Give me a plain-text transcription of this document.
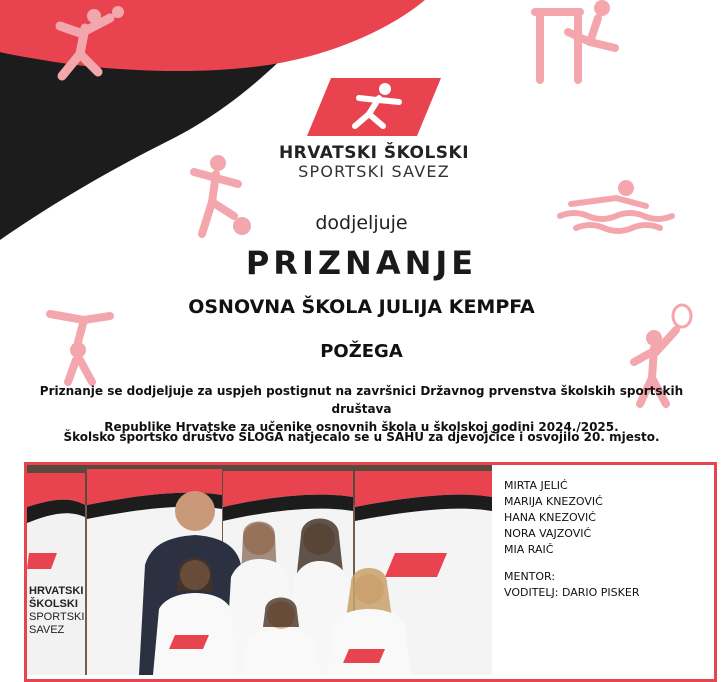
HRVATSKI ŠKOLSKI
SPORTSKI SAVEZ
dodjeljuje
PRIZNANJE
OSNOVNA ŠKOLA JULIJA KEMPFA
POŽEGA
Priznanje se dodjeljuje za uspjeh postignut na završnici Državnog prvenstva školskih sportskih društava
Republike Hrvatske za učenike osnovnih škola u školskoj godini 2024./2025.
Školsko sportsko društvo SLOGA natjecalo se u ŠAHU za djevojčice i osvojilo 20. mjesto.
HRVATSKI
ŠKOLSKI
SPORTSKI
SAVEZ
MIRTA JELIĆ
MARIJA KNEZOVIĆ
HANA KNEZOVIĆ
NORA VAJZOVIĆ
MIA RAIČ
MENTOR:
VODITELJ: DARIO PISKER
